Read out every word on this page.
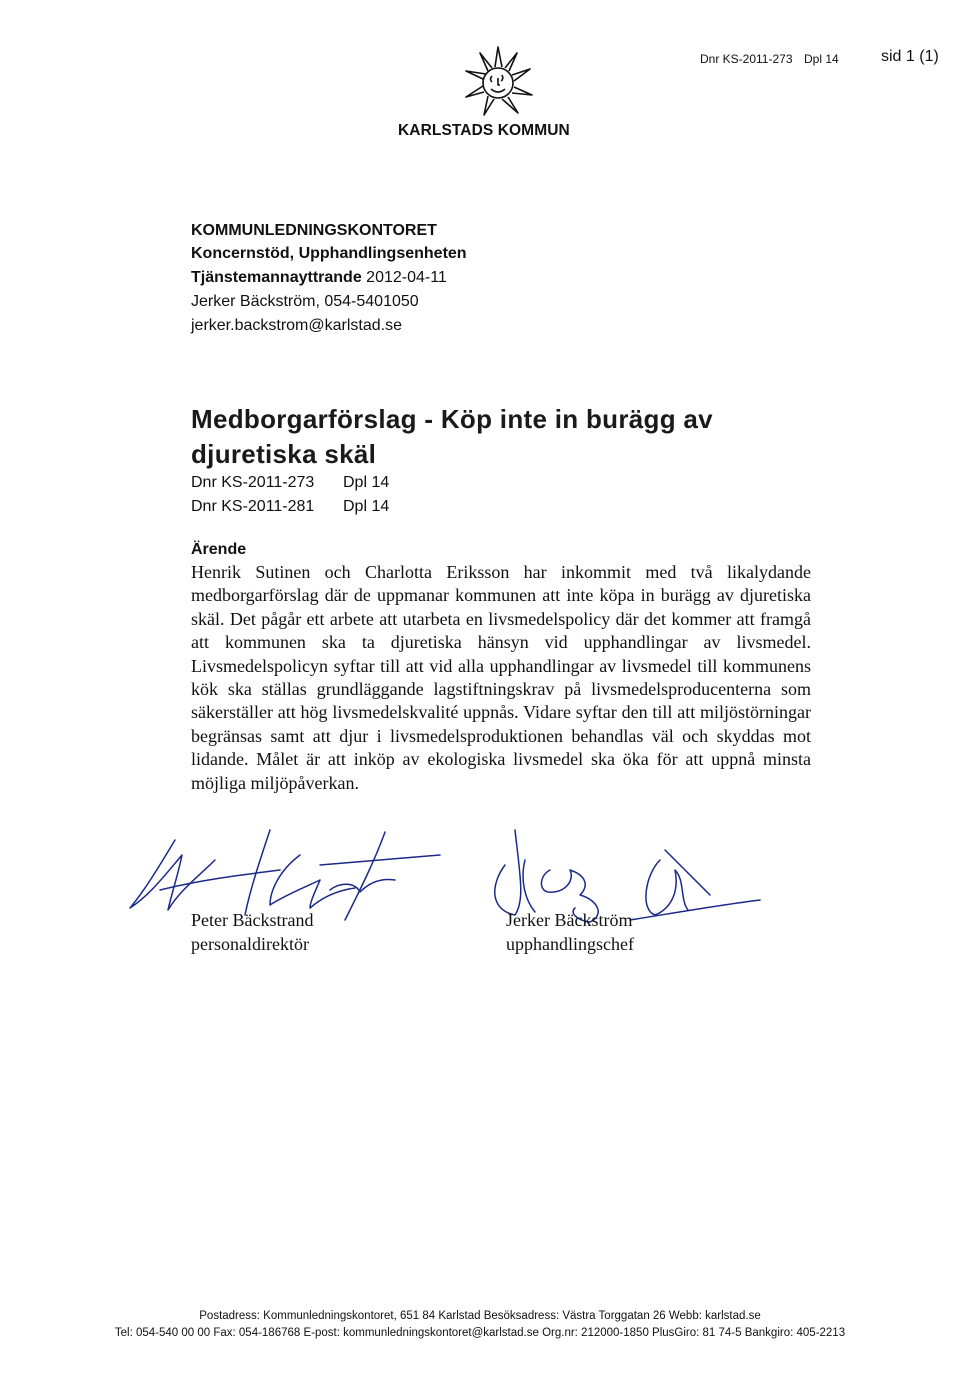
Dnr KS-2011-273 Dpl 14	sid 1 (1)
KARLSTADS KOMMUN
KOMMUNLEDNINGSKONTORET
Koncernstöd, Upphandlingsenheten
Tjänstemannayttrande 2012-04-11
Jerker Bäckström, 054-5401050
jerker.backstrom@karlstad.se
Medborgarförslag - Köp inte in burägg av djuretiska skäl
Dnr KS-2011-273 Dpl 14
Dnr KS-2011-281 Dpl 14
Ärende
Henrik Sutinen och Charlotta Eriksson har inkommit med två likalydande medborgarförslag där de uppmanar kommunen att inte köpa in burägg av djuretiska skäl. Det pågår ett arbete att utarbeta en livsmedelspolicy där det kommer att framgå att kommunen ska ta djuretiska hänsyn vid upphandlingar av livsmedel. Livsmedelspolicyn syftar till att vid alla upphandlingar av livsmedel till kommunens kök ska ställas grundläggande lagstiftningskrav på livsmedelsproducenterna som säkerställer att hög livsmedelskvalité uppnås. Vidare syftar den till att miljöstörningar begränsas samt att djur i livsmedelsproduktionen behandlas väl och skyddas mot lidande. Målet är att inköp av ekologiska livsmedel ska öka för att uppnå minsta möjliga miljöpåverkan.
Peter Bäckstrand
personaldirektör
Jerker Bäckström
upphandlingschef
Postadress: Kommunledningskontoret, 651 84 Karlstad Besöksadress: Västra Torggatan 26 Webb: karlstad.se
Tel: 054-540 00 00 Fax: 054-186768 E-post: kommunledningskontoret@karlstad.se Org.nr: 212000-1850 PlusGiro: 81 74-5 Bankgiro: 405-2213
